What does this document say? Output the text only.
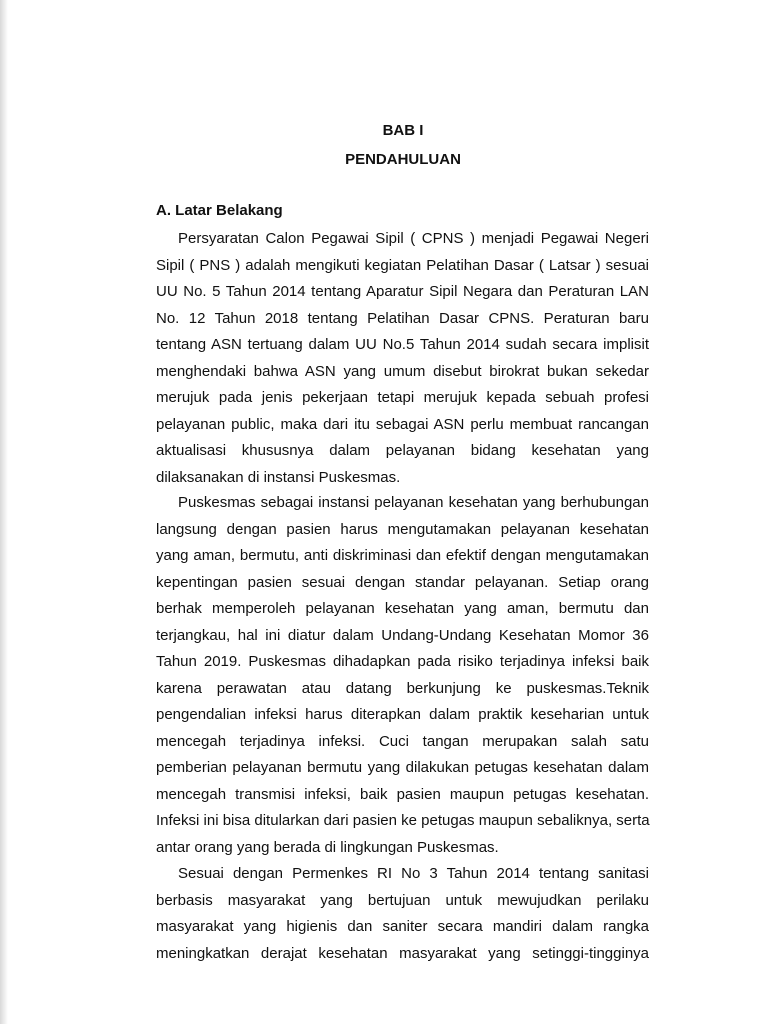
BAB I
PENDAHULUAN
A. Latar Belakang

Persyaratan Calon Pegawai Sipil ( CPNS ) menjadi Pegawai Negeri
Sipil ( PNS ) adalah mengikuti kegiatan Pelatihan Dasar ( Latsar ) sesuai
UU No. 5 Tahun 2014 tentang Aparatur Sipil Negara dan Peraturan LAN
No. 12 Tahun 2018 tentang Pelatihan Dasar CPNS. Peraturan baru
tentang ASN tertuang dalam UU No.5 Tahun 2014 sudah secara implisit
menghendaki bahwa ASN yang umum disebut birokrat bukan sekedar
merujuk pada jenis pekerjaan tetapi merujuk kepada sebuah profesi
pelayanan public, maka dari itu sebagai ASN perlu membuat rancangan
aktualisasi khususnya dalam pelayanan bidang kesehatan yang
dilaksanakan di instansi Puskesmas.

Puskesmas sebagai instansi pelayanan kesehatan yang berhubungan
langsung dengan pasien harus mengutamakan pelayanan kesehatan
yang aman, bermutu, anti diskriminasi dan efektif dengan mengutamakan
kepentingan pasien sesuai dengan standar pelayanan. Setiap orang
berhak memperoleh pelayanan kesehatan yang aman, bermutu dan
terjangkau, hal ini diatur dalam Undang-Undang Kesehatan Momor 36
Tahun 2019. Puskesmas dihadapkan pada risiko terjadinya infeksi baik
karena perawatan atau datang berkunjung ke puskesmas.Teknik
pengendalian infeksi harus diterapkan dalam praktik keseharian untuk
mencegah terjadinya infeksi. Cuci tangan merupakan salah satu
pemberian pelayanan bermutu yang dilakukan petugas kesehatan dalam
mencegah transmisi infeksi, baik pasien maupun petugas kesehatan.
Infeksi ini bisa ditularkan dari pasien ke petugas maupun sebaliknya, serta
antar orang yang berada di lingkungan Puskesmas.

Sesuai dengan Permenkes RI No 3 Tahun 2014 tentang sanitasi
berbasis masyarakat yang bertujuan untuk mewujudkan perilaku
masyarakat yang higienis dan saniter secara mandiri dalam rangka
meningkatkan derajat kesehatan masyarakat yang setinggi-tingginya
